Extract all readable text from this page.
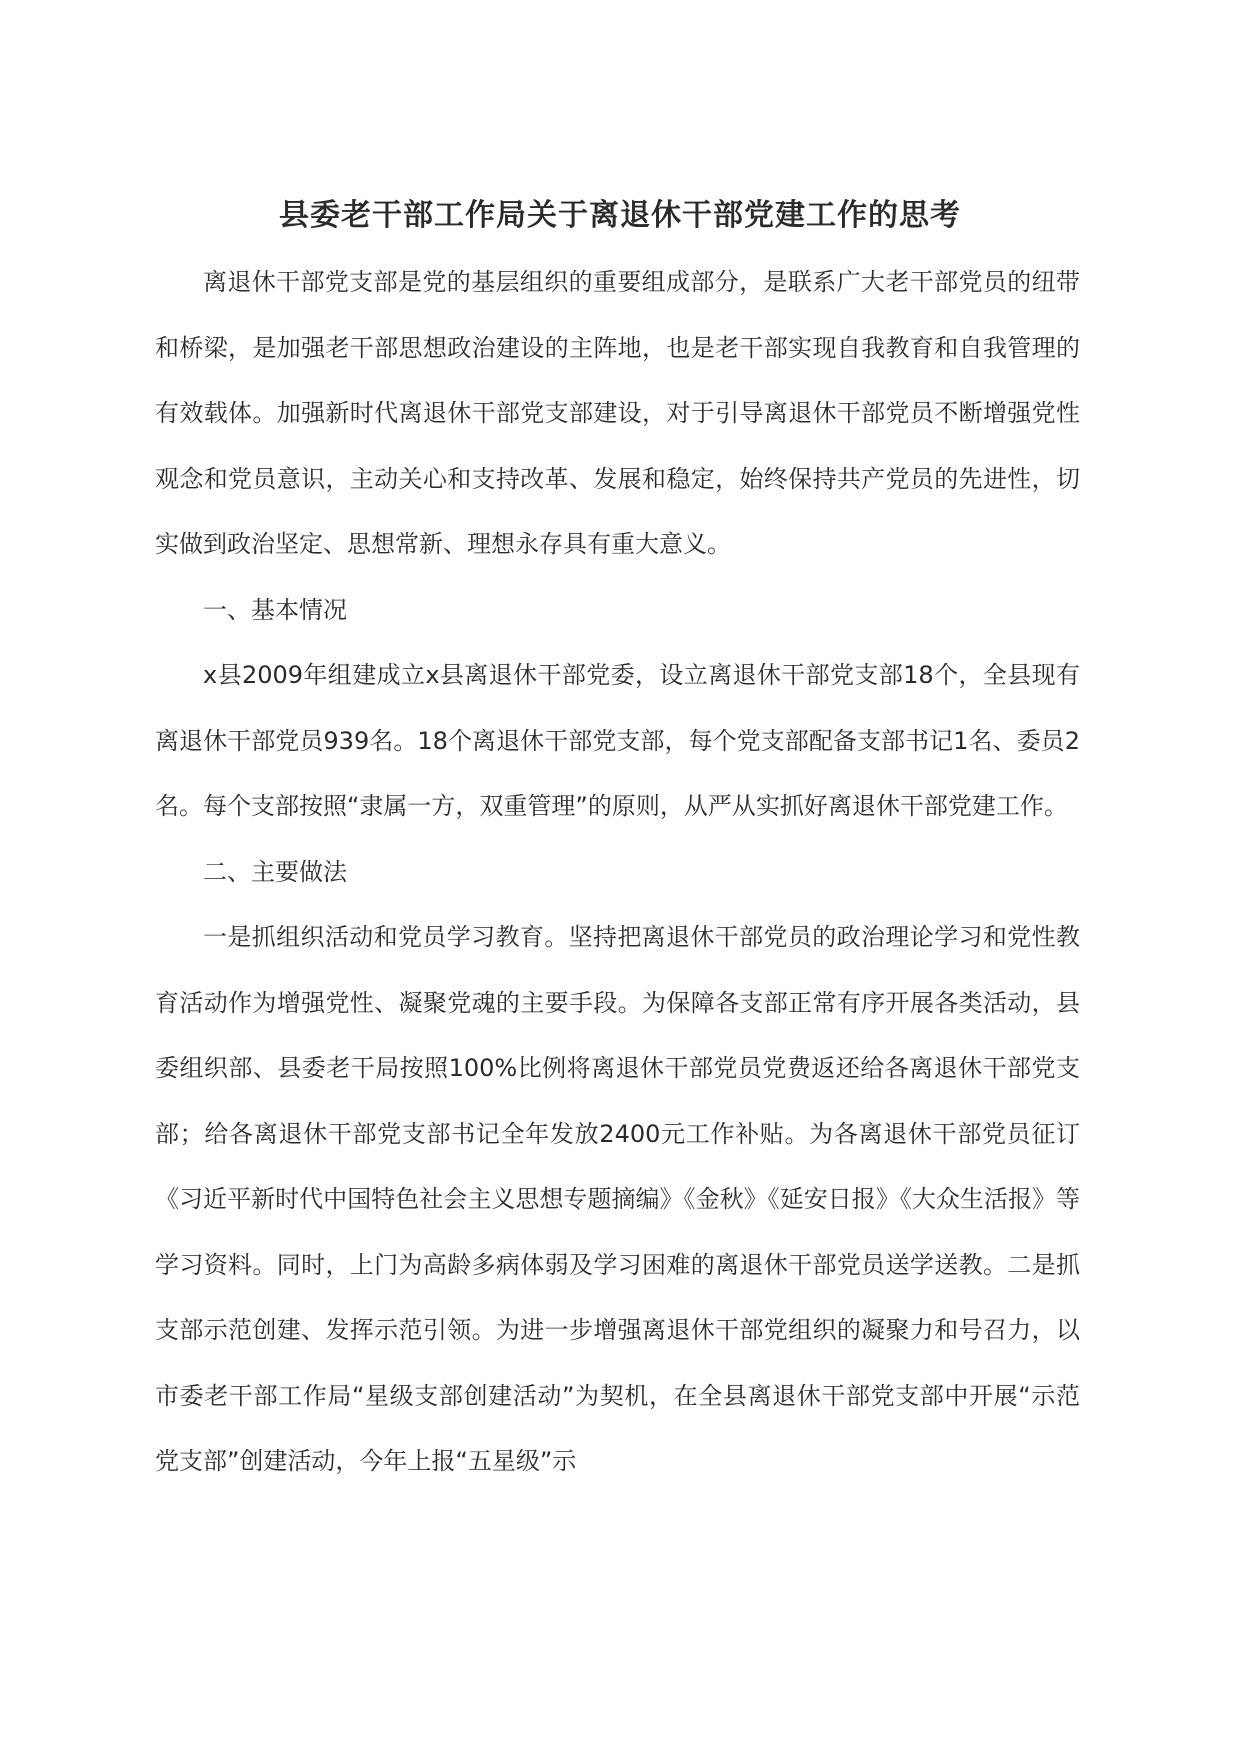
县委老干部工作局关于离退休干部党建工作的思考

离退休干部党支部是党的基层组织的重要组成部分，是联系广大老干部党员的纽带和桥梁，是加强老干部思想政治建设的主阵地，也是老干部实现自我教育和自我管理的有效载体。加强新时代离退休干部党支部建设，对于引导离退休干部党员不断增强党性观念和党员意识，主动关心和支持改革、发展和稳定，始终保持共产党员的先进性，切实做到政治坚定、思想常新、理想永存具有重大意义。

一、基本情况

x县2009年组建成立x县离退休干部党委，设立离退休干部党支部18个，全县现有离退休干部党员939名。18个离退休干部党支部，每个党支部配备支部书记1名、委员2名。每个支部按照“隶属一方，双重管理”的原则，从严从实抓好离退休干部党建工作。

二、主要做法

一是抓组织活动和党员学习教育。坚持把离退休干部党员的政治理论学习和党性教育活动作为增强党性、凝聚党魂的主要手段。为保障各支部正常有序开展各类活动，县委组织部、县委老干局按照100%比例将离退休干部党员党费返还给各离退休干部党支部；给各离退休干部党支部书记全年发放2400元工作补贴。为各离退休干部党员征订《习近平新时代中国特色社会主义思想专题摘编》《金秋》《延安日报》《大众生活报》等学习资料。同时，上门为高龄多病体弱及学习困难的离退休干部党员送学送教。二是抓支部示范创建、发挥示范引领。为进一步增强离退休干部党组织的凝聚力和号召力，以市委老干部工作局“星级支部创建活动”为契机，在全县离退休干部党支部中开展“示范党支部”创建活动，今年上报“五星级”示
